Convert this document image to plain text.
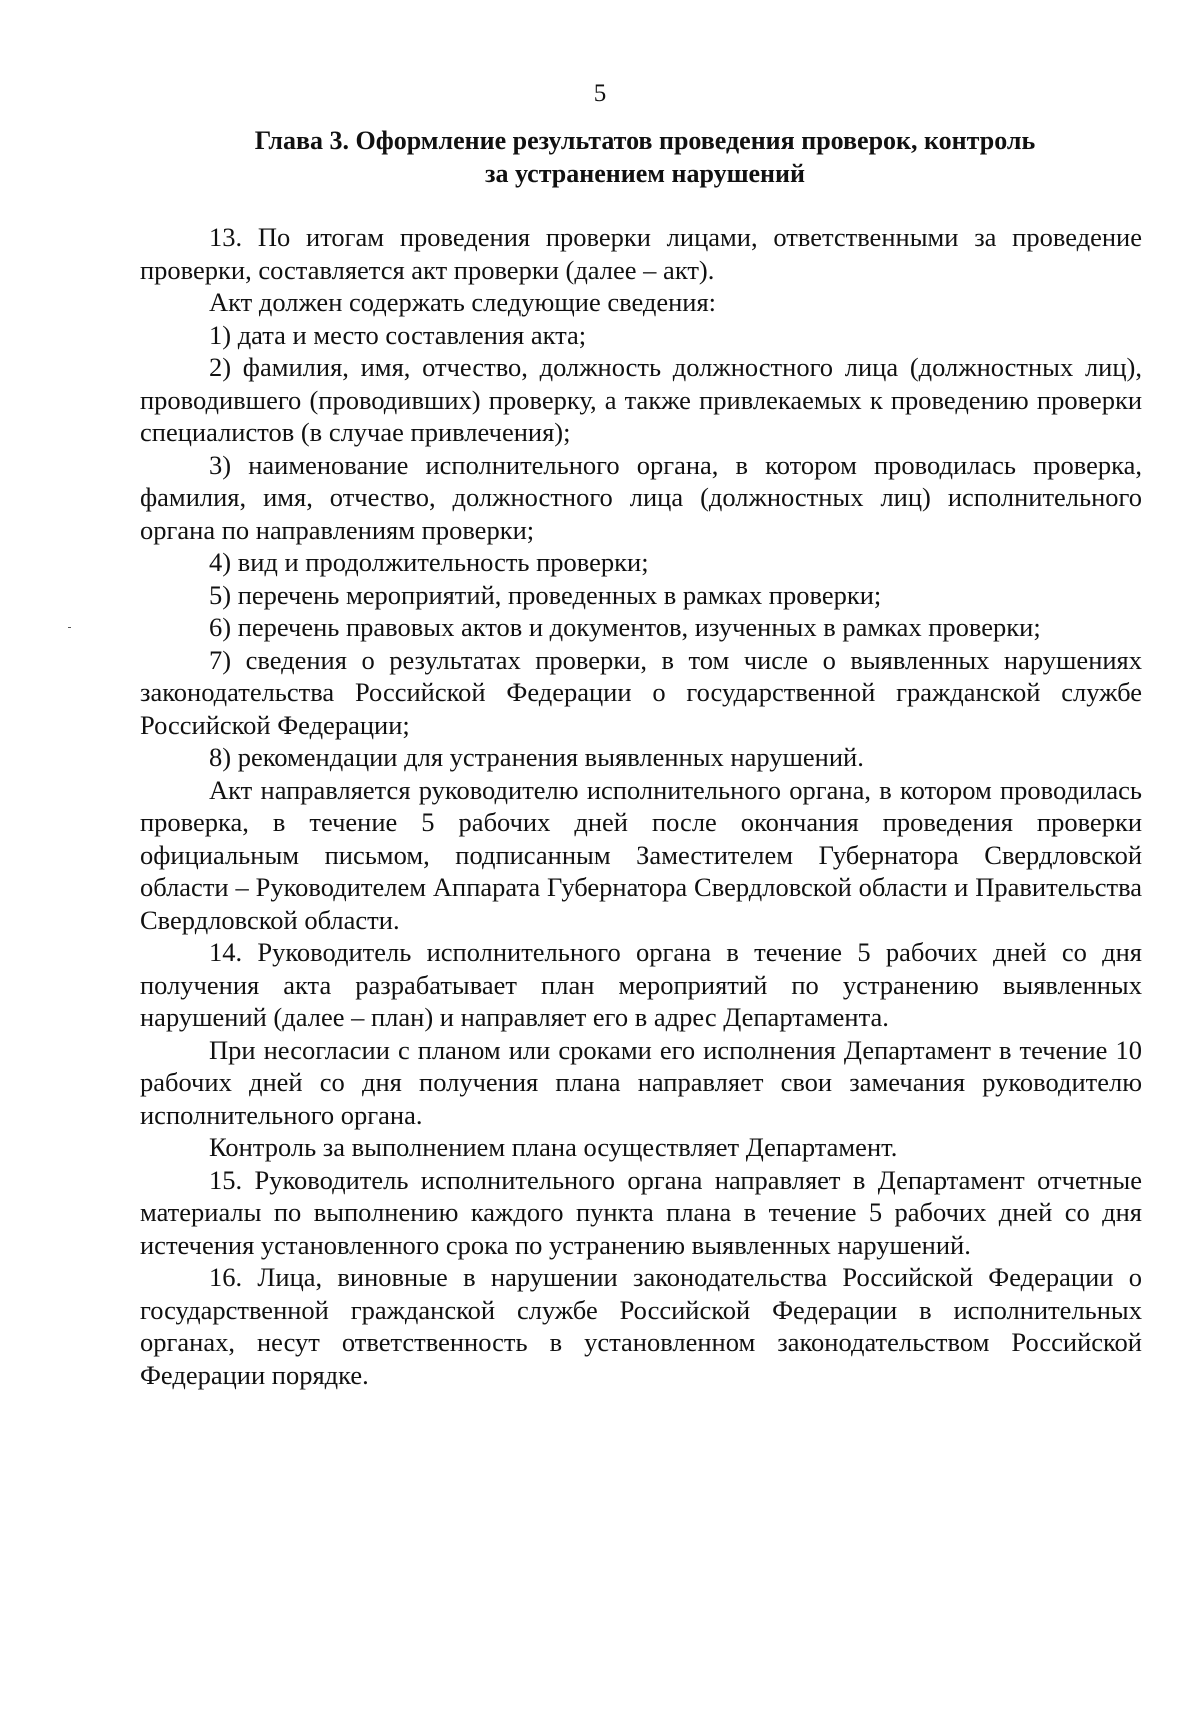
5
Глава 3. Оформление результатов проведения проверок, контроль
за устранением нарушений

13. По итогам проведения проверки лицами, ответственными за проведение проверки, составляется акт проверки (далее – акт).

Акт должен содержать следующие сведения:

1) дата и место составления акта;

2) фамилия, имя, отчество, должность должностного лица (должностных лиц), проводившего (проводивших) проверку, а также привлекаемых к проведению проверки специалистов (в случае привлечения);

3) наименование исполнительного органа, в котором проводилась проверка, фамилия, имя, отчество, должностного лица (должностных лиц) исполнительного органа по направлениям проверки;

4) вид и продолжительность проверки;

5) перечень мероприятий, проведенных в рамках проверки;

6) перечень правовых актов и документов, изученных в рамках проверки;

7) сведения о результатах проверки, в том числе о выявленных нарушениях законодательства Российской Федерации о государственной гражданской службе Российской Федерации;

8) рекомендации для устранения выявленных нарушений.

Акт направляется руководителю исполнительного органа, в котором проводилась проверка, в течение 5 рабочих дней после окончания проведения проверки официальным письмом, подписанным Заместителем Губернатора Свердловской области – Руководителем Аппарата Губернатора Свердловской области и Правительства Свердловской области.

14. Руководитель исполнительного органа в течение 5 рабочих дней со дня получения акта разрабатывает план мероприятий по устранению выявленных нарушений (далее – план) и направляет его в адрес Департамента.

При несогласии с планом или сроками его исполнения Департамент в течение 10 рабочих дней со дня получения плана направляет свои замечания руководителю исполнительного органа.

Контроль за выполнением плана осуществляет Департамент.

15. Руководитель исполнительного органа направляет в Департамент отчетные материалы по выполнению каждого пункта плана в течение 5 рабочих дней со дня истечения установленного срока по устранению выявленных нарушений.

16. Лица, виновные в нарушении законодательства Российской Федерации о государственной гражданской службе Российской Федерации в исполнительных органах, несут ответственность в установленном законодательством Российской Федерации порядке.
